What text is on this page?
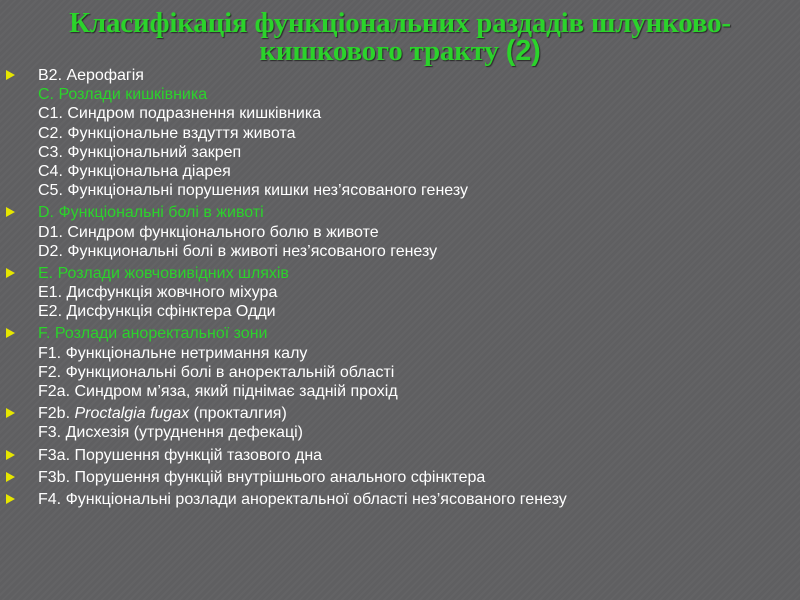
Класифікація функціональних раздадів шлунково-кишкового тракту (2)
B2. Аерофагія
C. Розлади кишківника
C1. Синдром подразнення кишківника
C2. Функціональне вздуття живота
C3. Функціональний закреп
C4. Функціональна діарея
C5. Функціональні порушения кишки нез’ясованого генезу
D. Функціональні болі в животі
D1. Синдром функціонального болю в животе
D2. Функциональні болі в животі нез’ясованого генезу
E. Розлади жовчовивідних шляхів
E1. Дисфункція жовчного міхура
E2. Дисфункція сфінктера Одди
F. Розлади аноректальної зони
F1. Функціональне нетримання калу
F2. Функциональні болі в аноректальній області
F2a. Синдром м’яза, який піднімає задній прохід
F2b. Proctalgia fugax (прокталгия)
F3. Дисхезія (утруднення дефекаці)
F3a. Порушення функцій тазового дна
F3b. Порушення функцій внутрішнього анального сфінктера
F4. Функціональні розлади аноректальної області нез’ясованого генезу
